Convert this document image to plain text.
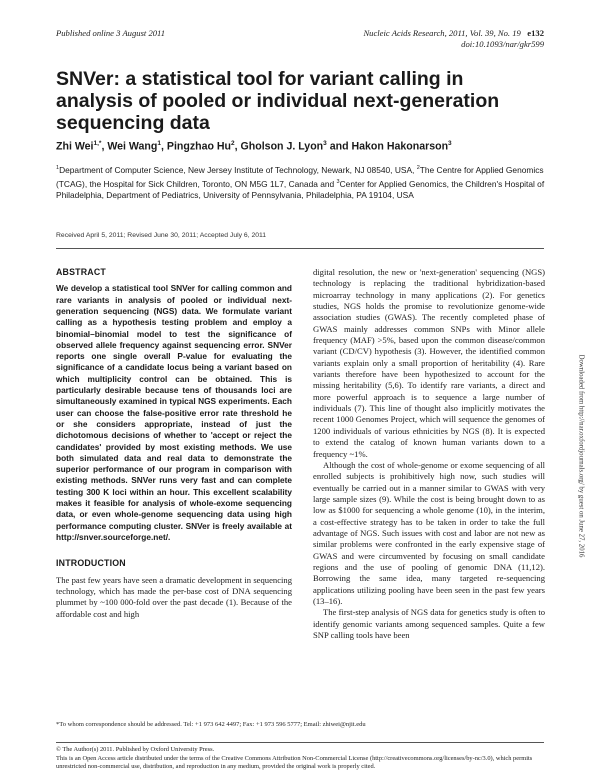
Published online 3 August 2011	Nucleic Acids Research, 2011, Vol. 39, No. 19 e132
doi:10.1093/nar/gkr599
SNVer: a statistical tool for variant calling in analysis of pooled or individual next-generation sequencing data
Zhi Wei$^{1,*}$, Wei Wang$^1$, Pingzhao Hu$^2$, Gholson J. Lyon$^3$ and Hakon Hakonarson$^3$
$^1$Department of Computer Science, New Jersey Institute of Technology, Newark, NJ 08540, USA, $^2$The Centre for Applied Genomics (TCAG), the Hospital for Sick Children, Toronto, ON M5G 1L7, Canada and $^3$Center for Applied Genomics, the Children's Hospital of Philadelphia, Department of Pediatrics, University of Pennsylvania, Philadelphia, PA 19104, USA
Received April 5, 2011; Revised June 30, 2011; Accepted July 6, 2011
ABSTRACT

We develop a statistical tool SNVer for calling common and rare variants in analysis of pooled or individual next-generation sequencing (NGS) data. We formulate variant calling as a hypothesis testing problem and employ a binomial–binomial model to test the significance of observed allele frequency against sequencing error. SNVer reports one single overall P-value for evaluating the significance of a candidate locus being a variant based on which multiplicity control can be obtained. This is particularly desirable because tens of thousands loci are simultaneously examined in typical NGS experiments. Each user can choose the false-positive error rate threshold he or she considers appropriate, instead of just the dichotomous decisions of whether to 'accept or reject the candidates' provided by most existing methods. We use both simulated data and real data to demonstrate the superior performance of our program in comparison with existing methods. SNVer runs very fast and can complete testing 300 K loci within an hour. This excellent scalability makes it feasible for analysis of whole-exome sequencing data, or even whole-genome sequencing data using high performance computing cluster. SNVer is freely available at http://snver.sourceforge.net/.

INTRODUCTION

The past few years have seen a dramatic development in sequencing technology, which has made the per-base cost of DNA sequencing plummet by ~100 000-fold over the past decade (1). Because of the affordable cost and high

digital resolution, the new or 'next-generation' sequencing (NGS) technology is replacing the traditional hybridization-based microarray technology in many applications (2). For genetics studies, NGS holds the promise to revolutionize genome-wide association studies (GWAS). The recently completed phase of GWAS mainly addresses common SNPs with Minor allele frequency (MAF) >5%, based upon the common disease/common variant (CD/CV) hypothesis (3). However, the identified common variants explain only a small proportion of heritability (4). Rare variants therefore have been hypothesized to account for the missing heritability (5,6). To identify rare variants, a direct and more powerful approach is to sequence a large number of individuals (7). This line of thought also implicitly motivates the recent 1000 Genomes Project, which will sequence the genomes of 1200 individuals of various ethnicities by NGS (8). It is expected to extend the catalog of known human variants down to a frequency ~1%.

Although the cost of whole-genome or exome sequencing of all enrolled subjects is prohibitively high now, such studies will eventually be carried out in a manner similar to GWAS with very large sample sizes (9). While the cost is being brought down to as low as $1000 for sequencing a whole genome (10), in the interim, a cost-effective strategy has to be taken in order to take the full advantage of NGS. Such issues with cost and labor are not new as similar problems were confronted in the early expensive stage of GWAS and were circumvented by focusing on small candidate regions and the use of pooling of genomic DNA (11,12). Borrowing the same idea, many targeted re-sequencing applications utilizing pooling have been seen in the past few years (13–16).

The first-step analysis of NGS data for genetics study is often to identify genomic variants among sequenced samples. Quite a few SNP calling tools have been

*To whom correspondence should be addressed. Tel: +1 973 642 4497; Fax: +1 973 596 5777; Email: zhiwei@njit.edu
© The Author(s) 2011. Published by Oxford University Press.
This is an Open Access article distributed under the terms of the Creative Commons Attribution Non-Commercial License (http://creativecommons.org/licenses/by-nc/3.0), which permits unrestricted non-commercial use, distribution, and reproduction in any medium, provided the original work is properly cited.
Downloaded from http://nar.oxfordjournals.org/ by guest on June 27, 2016
